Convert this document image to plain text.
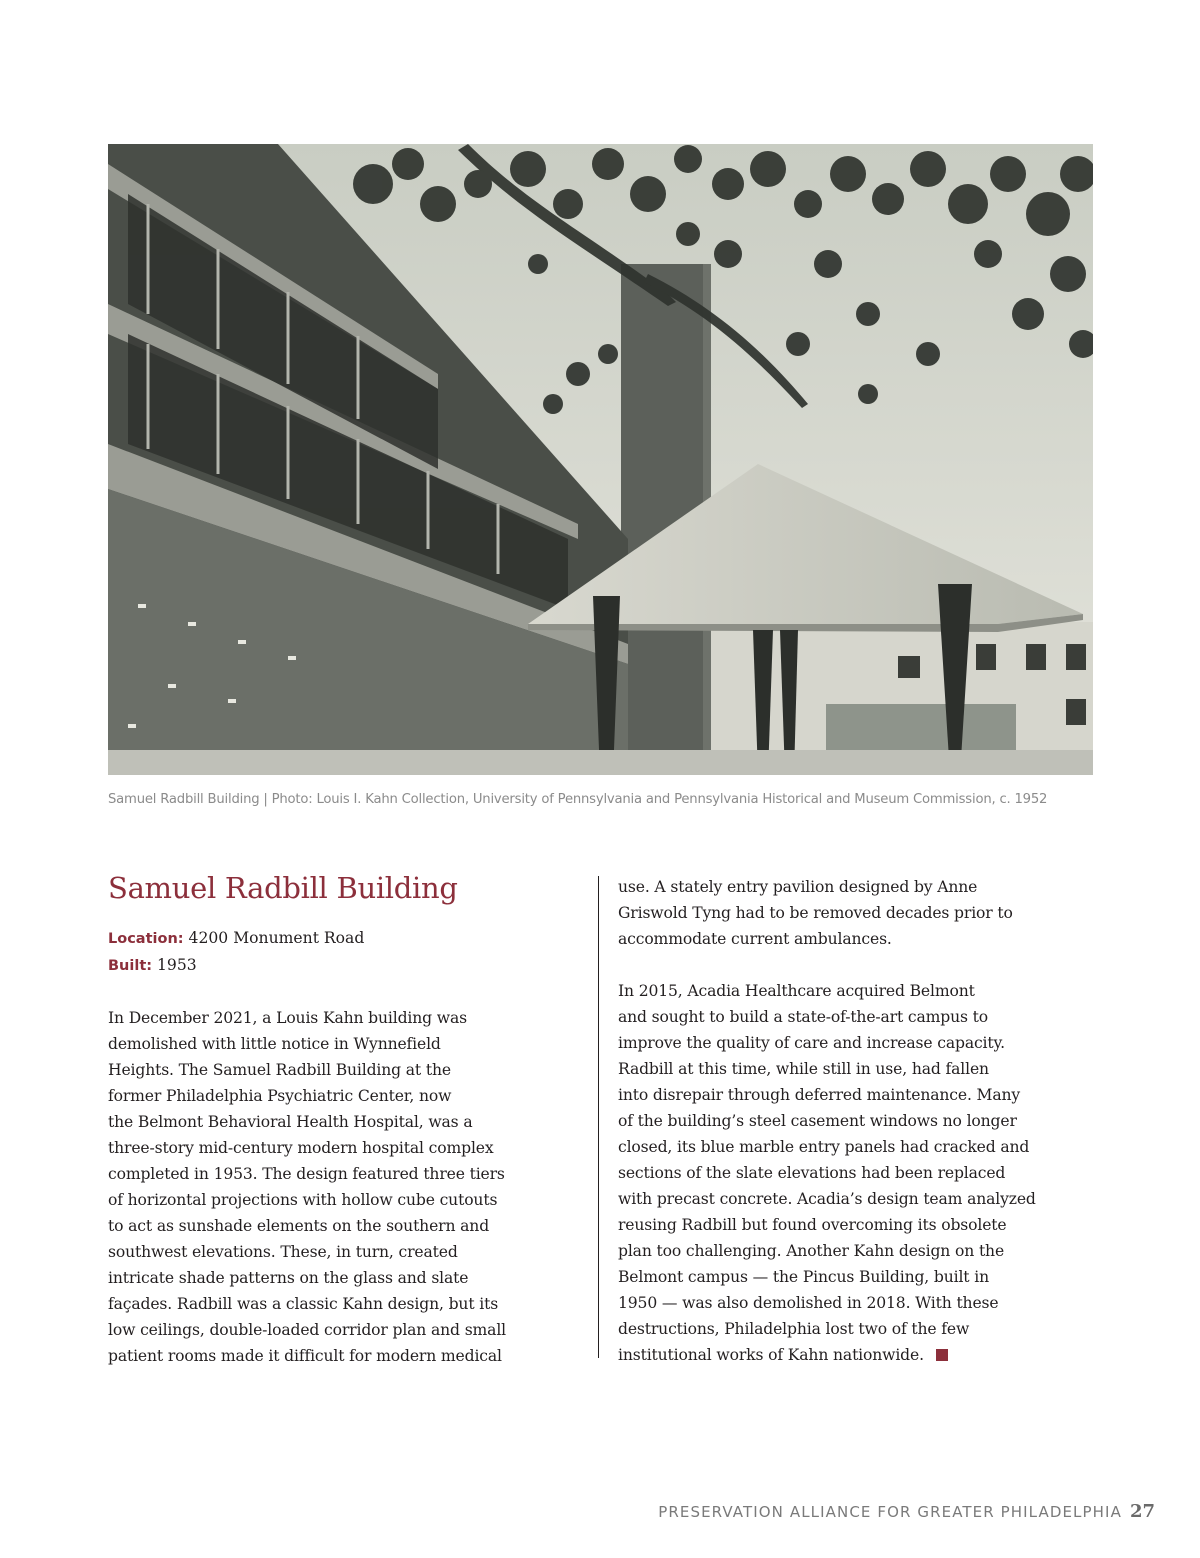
Samuel Radbill Building | Photo: Louis I. Kahn Collection, University of Pennsylvania and Pennsylvania Historical and Museum Commission, c. 1952
Samuel Radbill Building
Location: 4200 Monument Road
Built: 1953
In December 2021, a Louis Kahn building was
demolished with little notice in Wynnefield
Heights. The Samuel Radbill Building at the
former Philadelphia Psychiatric Center, now
the Belmont Behavioral Health Hospital, was a
three-story mid-century modern hospital complex
completed in 1953. The design featured three tiers
of horizontal projections with hollow cube cutouts
to act as sunshade elements on the southern and
southwest elevations. These, in turn, created
intricate shade patterns on the glass and slate
façades. Radbill was a classic Kahn design, but its
low ceilings, double-loaded corridor plan and small
patient rooms made it difficult for modern medical
use. A stately entry pavilion designed by Anne
Griswold Tyng had to be removed decades prior to
accommodate current ambulances.
In 2015, Acadia Healthcare acquired Belmont
and sought to build a state-of-the-art campus to
improve the quality of care and increase capacity.
Radbill at this time, while still in use, had fallen
into disrepair through deferred maintenance. Many
of the building’s steel casement windows no longer
closed, its blue marble entry panels had cracked and
sections of the slate elevations had been replaced
with precast concrete. Acadia’s design team analyzed
reusing Radbill but found overcoming its obsolete
plan too challenging. Another Kahn design on the
Belmont campus — the Pincus Building, built in
1950 — was also demolished in 2018. With these
destructions, Philadelphia lost two of the few
institutional works of Kahn nationwide.
PRESERVATION ALLIANCE FOR GREATER PHILADELPHIA 27
